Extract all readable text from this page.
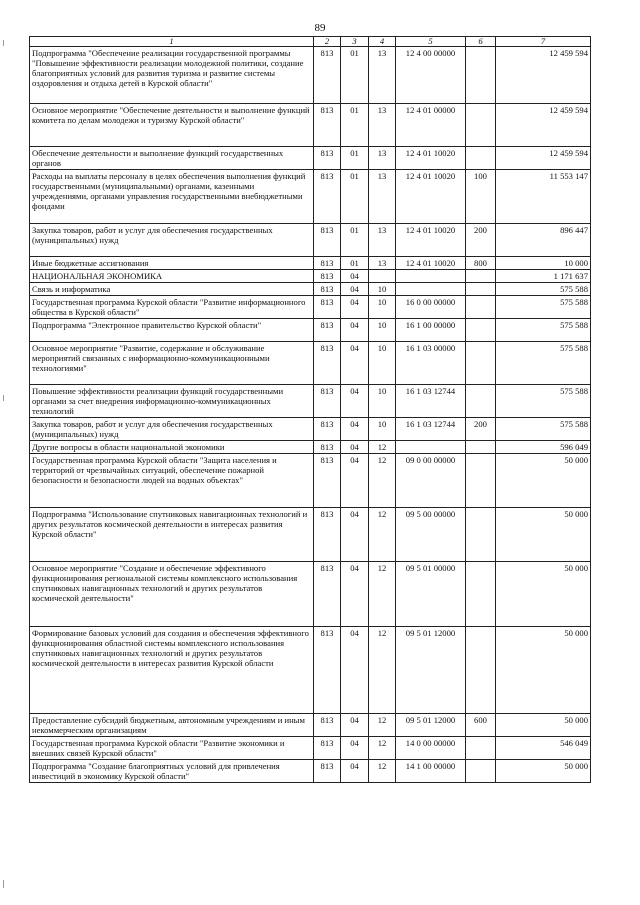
89
1	2	3	4	5	6	7
Подпрограмма "Обеспечение реализации государственной программы "Повышение эффективности реализации молодежной политики, создание благоприятных условий для развития туризма и развитие системы оздоровления и отдыха детей в Курской области"	813	01	13	12 4 00 00000		12 459 594
Основное мероприятие "Обеспечение деятельности и выполнение функций комитета по делам молодежи и туризму Курской области"	813	01	13	12 4 01 00000		12 459 594
Обеспечение деятельности и выполнение функций государственных органов	813	01	13	12 4 01 10020		12 459 594
Расходы на выплаты персоналу в целях обеспечения выполнения функций государственными (муниципальными) органами, казенными учреждениями, органами управления государственными внебюджетными фондами	813	01	13	12 4 01 10020	100	11 553 147
Закупка товаров, работ и услуг для обеспечения государственных (муниципальных) нужд	813	01	13	12 4 01 10020	200	896 447
Иные бюджетные ассигнования	813	01	13	12 4 01 10020	800	10 000
НАЦИОНАЛЬНАЯ ЭКОНОМИКА	813	04				1 171 637
Связь и информатика	813	04	10			575 588
Государственная программа Курской области "Развитие информационного общества в Курской области"	813	04	10	16 0 00 00000		575 588
Подпрограмма "Электронное правительство Курской области"	813	04	10	16 1 00 00000		575 588
Основное мероприятие "Развитие, содержание и обслуживание мероприятий связанных с информационно-коммуникационными технологиями"	813	04	10	16 1 03 00000		575 588
Повышение эффективности реализации функций государственными органами за счет внедрения информационно-коммуникационных технологий	813	04	10	16 1 03 12744		575 588
Закупка товаров, работ и услуг для обеспечения государственных (муниципальных) нужд	813	04	10	16 1 03 12744	200	575 588
Другие вопросы в области национальной экономики	813	04	12			596 049
Государственная программа Курской области "Защита населения и территорий от чрезвычайных ситуаций, обеспечение пожарной безопасности и безопасности людей на водных объектах"	813	04	12	09 0 00 00000		50 000
Подпрограмма "Использование спутниковых навигационных технологий и других результатов космической деятельности в интересах развития Курской области"	813	04	12	09 5 00 00000		50 000
Основное мероприятие "Создание и обеспечение эффективного функционирования региональной системы комплексного использования спутниковых навигационных технологий и других результатов космической деятельности"	813	04	12	09 5 01 00000		50 000
Формирование базовых условий для создания и обеспечения эффективного функционирования областной системы комплексного использования спутниковых навигационных технологий и других результатов космической деятельности в интересах развития Курской области	813	04	12	09 5 01 12000		50 000
Предоставление субсидий бюджетным, автономным учреждениям и иным некоммерческим организациям	813	04	12	09 5 01 12000	600	50 000
Государственная программа Курской области "Развитие экономики и внешних связей Курской области"	813	04	12	14 0 00 00000		546 049
Подпрограмма "Создание благоприятных условий для привлечения инвестиций в экономику Курской области"	813	04	12	14 1 00 00000		50 000
